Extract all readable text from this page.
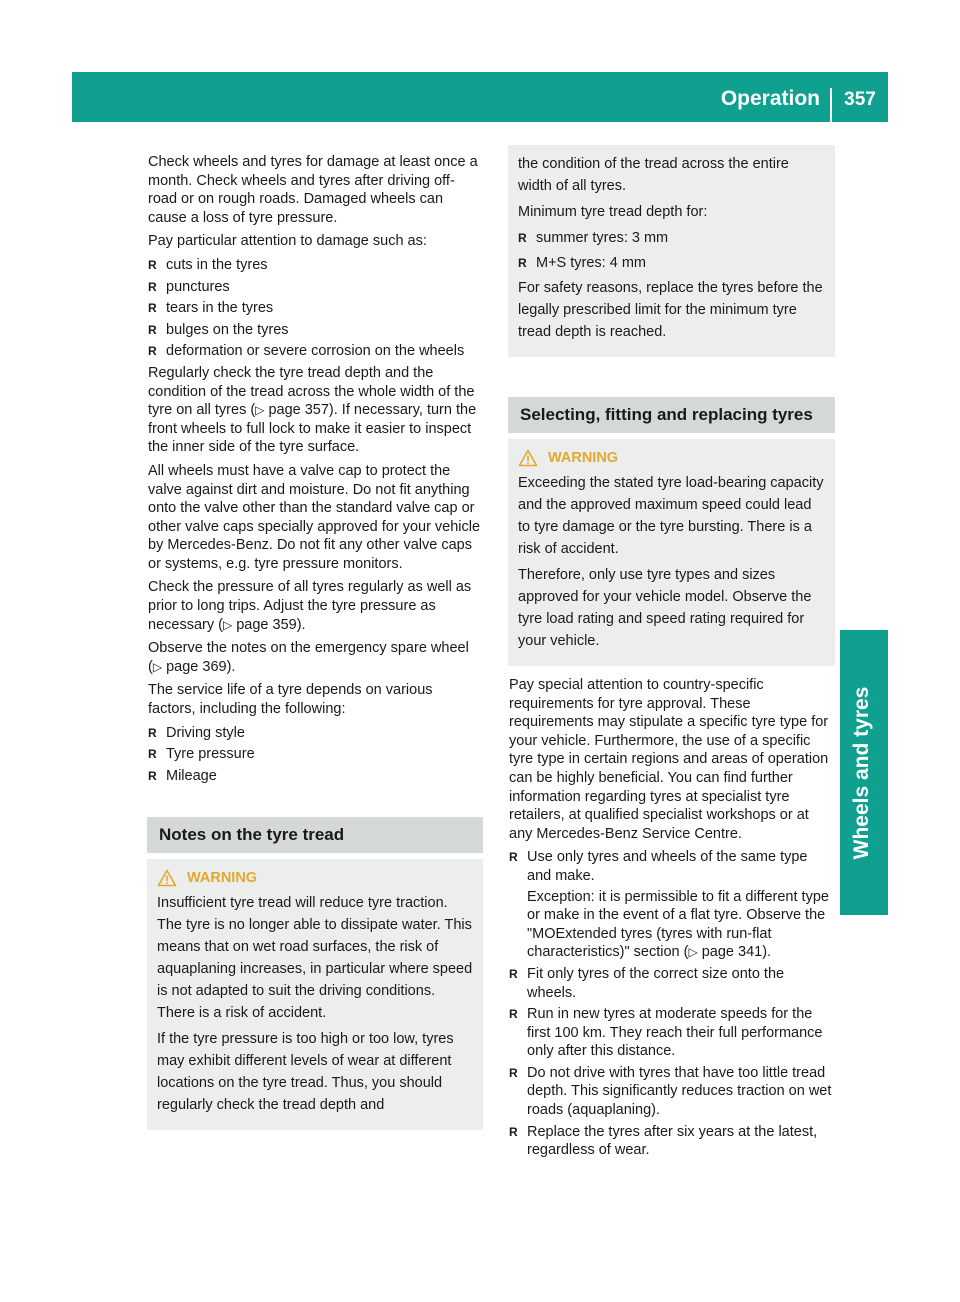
Operation	357
Wheels and tyres

Check wheels and tyres for damage at least once a month. Check wheels and tyres after driving off-road or on rough roads. Damaged wheels can cause a loss of tyre pressure.

Pay particular attention to damage such as:

R cuts in the tyres
R punctures
R tears in the tyres
R bulges on the tyres
R deformation or severe corrosion on the wheels

Regularly check the tyre tread depth and the condition of the tread across the whole width of the tyre on all tyres (▷ page 357). If necessary, turn the front wheels to full lock to make it easier to inspect the inner side of the tyre surface.

All wheels must have a valve cap to protect the valve against dirt and moisture. Do not fit anything onto the valve other than the standard valve cap or other valve caps specially approved for your vehicle by Mercedes-Benz. Do not fit any other valve caps or systems, e.g. tyre pressure monitors.

Check the pressure of all tyres regularly as well as prior to long trips. Adjust the tyre pressure as necessary (▷ page 359).

Observe the notes on the emergency spare wheel (▷ page 369).

The service life of a tyre depends on various factors, including the following:

R Driving style
R Tyre pressure
R Mileage
Notes on the tyre tread
WARNING

Insufficient tyre tread will reduce tyre traction. The tyre is no longer able to dissipate water. This means that on wet road surfaces, the risk of aquaplaning increases, in particular where speed is not adapted to suit the driving conditions. There is a risk of accident.

If the tyre pressure is too high or too low, tyres may exhibit different levels of wear at different locations on the tyre tread. Thus, you should regularly check the tread depth and

the condition of the tread across the entire width of all tyres.

Minimum tyre tread depth for:

R summer tyres: 3 mm
R M+S tyres: 4 mm

For safety reasons, replace the tyres before the legally prescribed limit for the minimum tyre tread depth is reached.

Selecting, fitting and replacing tyres
WARNING

Exceeding the stated tyre load-bearing capacity and the approved maximum speed could lead to tyre damage or the tyre bursting. There is a risk of accident.

Therefore, only use tyre types and sizes approved for your vehicle model. Observe the tyre load rating and speed rating required for your vehicle.

Pay special attention to country-specific requirements for tyre approval. These requirements may stipulate a specific tyre type for your vehicle. Furthermore, the use of a specific tyre type in certain regions and areas of operation can be highly beneficial. You can find further information regarding tyres at specialist tyre retailers, at qualified specialist workshops or at any Mercedes-Benz Service Centre.

R Use only tyres and wheels of the same type and make.
Exception: it is permissible to fit a different type or make in the event of a flat tyre. Observe the "MOExtended tyres (tyres with run-flat characteristics)" section (▷ page 341).
R Fit only tyres of the correct size onto the wheels.
R Run in new tyres at moderate speeds for the first 100 km. They reach their full performance only after this distance.
R Do not drive with tyres that have too little tread depth. This significantly reduces traction on wet roads (aquaplaning).
R Replace the tyres after six years at the latest, regardless of wear.
